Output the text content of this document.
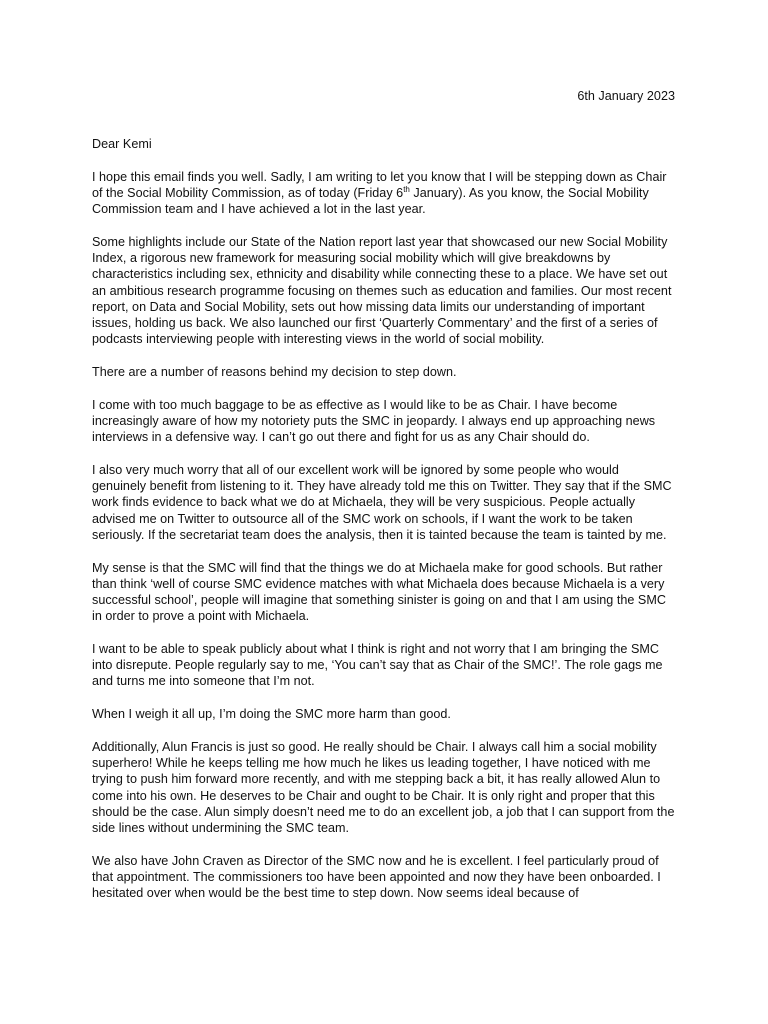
6th January 2023

Dear Kemi

I hope this email finds you well. Sadly, I am writing to let you know that I will be stepping down as Chair of the Social Mobility Commission, as of today (Friday 6th January). As you know, the Social Mobility Commission team and I have achieved a lot in the last year.

Some highlights include our State of the Nation report last year that showcased our new Social Mobility Index, a rigorous new framework for measuring social mobility which will give breakdowns by characteristics including sex, ethnicity and disability while connecting these to a place. We have set out an ambitious research programme focusing on themes such as education and families. Our most recent report, on Data and Social Mobility, sets out how missing data limits our understanding of important issues, holding us back. We also launched our first ‘Quarterly Commentary’ and the first of a series of podcasts interviewing people with interesting views in the world of social mobility.

There are a number of reasons behind my decision to step down.

I come with too much baggage to be as effective as I would like to be as Chair. I have become increasingly aware of how my notoriety puts the SMC in jeopardy. I always end up approaching news interviews in a defensive way. I can’t go out there and fight for us as any Chair should do.

I also very much worry that all of our excellent work will be ignored by some people who would genuinely benefit from listening to it. They have already told me this on Twitter. They say that if the SMC work finds evidence to back what we do at Michaela, they will be very suspicious. People actually advised me on Twitter to outsource all of the SMC work on schools, if I want the work to be taken seriously. If the secretariat team does the analysis, then it is tainted because the team is tainted by me.

My sense is that the SMC will find that the things we do at Michaela make for good schools. But rather than think ‘well of course SMC evidence matches with what Michaela does because Michaela is a very successful school’, people will imagine that something sinister is going on and that I am using the SMC in order to prove a point with Michaela.

I want to be able to speak publicly about what I think is right and not worry that I am bringing the SMC into disrepute. People regularly say to me, ‘You can’t say that as Chair of the SMC!’. The role gags me and turns me into someone that I’m not.

When I weigh it all up, I’m doing the SMC more harm than good.

Additionally, Alun Francis is just so good. He really should be Chair. I always call him a social mobility superhero! While he keeps telling me how much he likes us leading together, I have noticed with me trying to push him forward more recently, and with me stepping back a bit, it has really allowed Alun to come into his own. He deserves to be Chair and ought to be Chair. It is only right and proper that this should be the case. Alun simply doesn’t need me to do an excellent job, a job that I can support from the side lines without undermining the SMC team.

We also have John Craven as Director of the SMC now and he is excellent. I feel particularly proud of that appointment. The commissioners too have been appointed and now they have been onboarded. I hesitated over when would be the best time to step down. Now seems ideal because of
